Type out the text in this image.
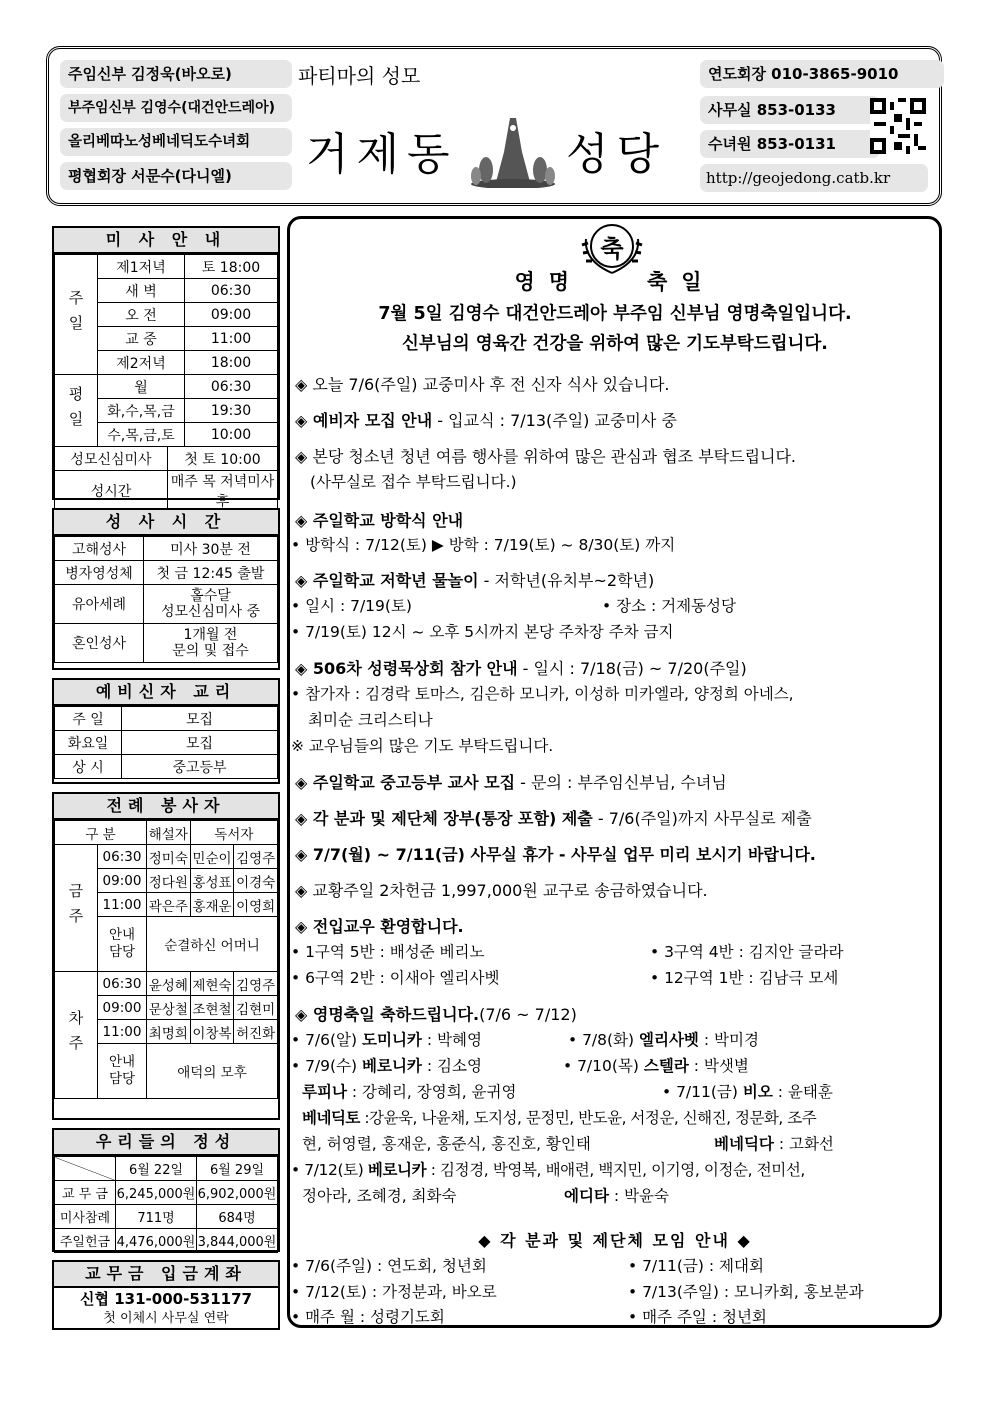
주임신부 김정욱(바오로)
부주임신부 김영수(대건안드레아)
올리베따노성베네딕도수녀회
평협회장 서문수(다니엘)
파티마의 성모
거제동 성당
연도회장 010-3865-9010
사무실 853-0133
수녀원 853-0131
http://geojedong.catb.kr
미 사 안 내
주일	제1저녁	토 18:00
	새 벽	06:30
	오 전	09:00
	교 중	11:00
	제2저녁	18:00
평일	월	06:30
	화,수,목,금	19:30
	수,목,금,토	10:00
성모신심미사	첫 토 10:00
성시간	매주 목 저녁미사 후
성 사 시 간
고해성사	미사 30분 전
병자영성체	첫 금 12:45 출발
유아세례	홀수달
성모신심미사 중
혼인성사	1개월 전
문의 및 접수
예비신자 교리
주 일	모집
화요일	모집
상 시	중고등부
전례 봉사자
구 분		해설자	독서자	
금주	06:30	정미숙	민순이	김영주
	09:00	정다원	홍성표	이경숙
	11:00	곽은주	홍재운	이영희
	안내
담당	순결하신 어머니		
차주	06:30	윤성혜	제현숙	김영주
	09:00	문상철	조현철	김현미
	11:00	최명희	이창복	허진화
	안내
담당	애덕의 모후		
우리들의 정성
	6월 22일	6월 29일
교 무 금	6,245,000원	6,902,000원
미사참례	711명	684명
주일헌금	4,476,000원	3,844,000원
교무금 입금계좌
신협 131-000-531177
첫 이체시 사무실 연락
축
영명   축일
7월 5일 김영수 대건안드레아 부주임 신부님 영명축일입니다.
신부님의 영육간 건강을 위하여 많은 기도부탁드립니다.
◈ 오늘 7/6(주일) 교중미사 후 전 신자 식사 있습니다.
◈ 예비자 모집 안내 - 입교식 : 7/13(주일) 교중미사 중
◈ 본당 청소년 청년 여름 행사를 위하여 많은 관심과 협조 부탁드립니다.
(사무실로 접수 부탁드립니다.)
◈ 주일학교 방학식 안내
• 방학식 : 7/12(토) ▶ 방학 : 7/19(토) ~ 8/30(토) 까지
◈ 주일학교 저학년 물놀이 - 저학년(유치부~2학년)
• 일시 : 7/19(토)	• 장소 : 거제동성당
• 7/19(토) 12시 ~ 오후 5시까지 본당 주차장 주차 금지
◈ 506차 성령묵상회 참가 안내 - 일시 : 7/18(금) ~ 7/20(주일)
• 참가자 : 김경락 토마스, 김은하 모니카, 이성하 미카엘라, 양정희 아네스,
최미순 크리스티나
※ 교우님들의 많은 기도 부탁드립니다.
◈ 주일학교 중고등부 교사 모집 - 문의 : 부주임신부님, 수녀님
◈ 각 분과 및 제단체 장부(통장 포함) 제출 - 7/6(주일)까지 사무실로 제출
◈ 7/7(월) ~ 7/11(금) 사무실 휴가 - 사무실 업무 미리 보시기 바랍니다.
◈ 교황주일 2차헌금 1,997,000원 교구로 송금하였습니다.
◈ 전입교우 환영합니다.
• 1구역 5반 : 배성준 베리노	• 3구역 4반 : 김지안 글라라
• 6구역 2반 : 이새아 엘리사벳	• 12구역 1반 : 김남극 모세
◈ 영명축일 축하드립니다.(7/6 ~ 7/12)
• 7/6(알) 도미니카 : 박혜영	• 7/8(화) 엘리사벳 : 박미경
• 7/9(수) 베로니카 : 김소영	• 7/10(목) 스텔라 : 박샛별
루피나 : 강혜리, 장영희, 윤귀영	• 7/11(금) 비오 : 윤태훈
베네딕토 :강윤욱, 나윤채, 도지성, 문정민, 반도윤, 서정운, 신해진, 정문화, 조주
현, 허영렬, 홍재운, 홍준식, 홍진호, 황인태	베네딕다 : 고화선
• 7/12(토) 베로니카 : 김정경, 박영복, 배애련, 백지민, 이기영, 이정순, 전미선,
정아라, 조혜경, 최화숙	에디타 : 박윤숙
◆ 각 분과 및 제단체 모임 안내 ◆
• 7/6(주일) : 연도회, 청년회	• 7/11(금) : 제대회
• 7/12(토) : 가정분과, 바오로	• 7/13(주일) : 모니카회, 홍보분과
• 매주 월 : 성령기도회	• 매주 주일 : 청년회
